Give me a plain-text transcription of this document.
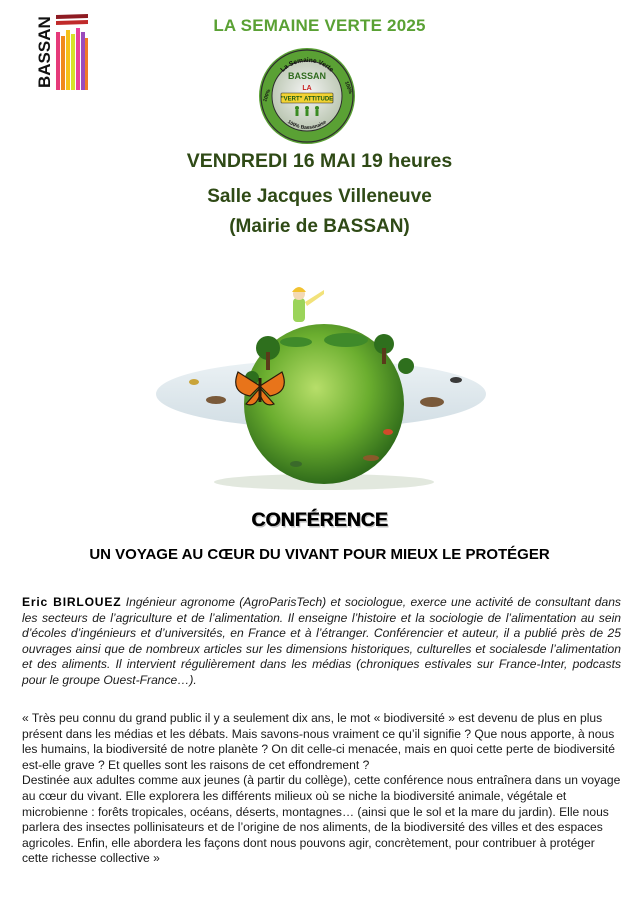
BASSAN	LA SEMAINE VERTE 2025
La Semaine Verte
100%
100%
100% Bassanaise
BASSAN
LA
"VERT" ATTITUDE
VENDREDI 16 MAI 19 heures
Salle Jacques Villeneuve
(Mairie de BASSAN)
CONFÉRENCE
UN VOYAGE AU CŒUR DU VIVANT POUR MIEUX LE PROTÉGER
Eric BIRLOUEZ Ingénieur agronome (AgroParisTech) et sociologue, exerce une activité de consultant dans les secteurs de l’agriculture et de l’alimentation. Il enseigne l’histoire et la sociologie de l’alimentation au sein d’écoles d’ingénieurs et d’universités, en France et à l’étranger. Conférencier et auteur, il a publié près de 25 ouvrages ainsi que de nombreux articles sur les dimensions historiques, culturelles et socialesde l’alimentation et des aliments. Il intervient régulièrement dans les médias (chroniques estivales sur France-Inter, podcasts pour le groupe Ouest-France…).

« Très peu connu du grand public il y a seulement dix ans, le mot « biodiversité » est devenu de plus en plus présent dans les médias et les débats. Mais savons-nous vraiment ce qu’il signifie ? Que nous apporte, à nous les humains, la biodiversité de notre planète ? On dit celle-ci menacée, mais en quoi cette perte de biodiversité est-elle grave ? Et quelles sont les raisons de cet effondrement ?

Destinée aux adultes comme aux jeunes (à partir du collège), cette conférence nous entraînera dans un voyage au cœur du vivant. Elle explorera les différents milieux où se niche la biodiversité animale, végétale et microbienne : forêts tropicales, océans, déserts, montagnes… (ainsi que le sol et la mare du jardin). Elle nous parlera des insectes pollinisateurs et de l’origine de nos aliments, de la biodiversité des villes et des espaces agricoles. Enfin, elle abordera les façons dont nous pouvons agir, concrètement, pour contribuer à protéger cette richesse collective »
